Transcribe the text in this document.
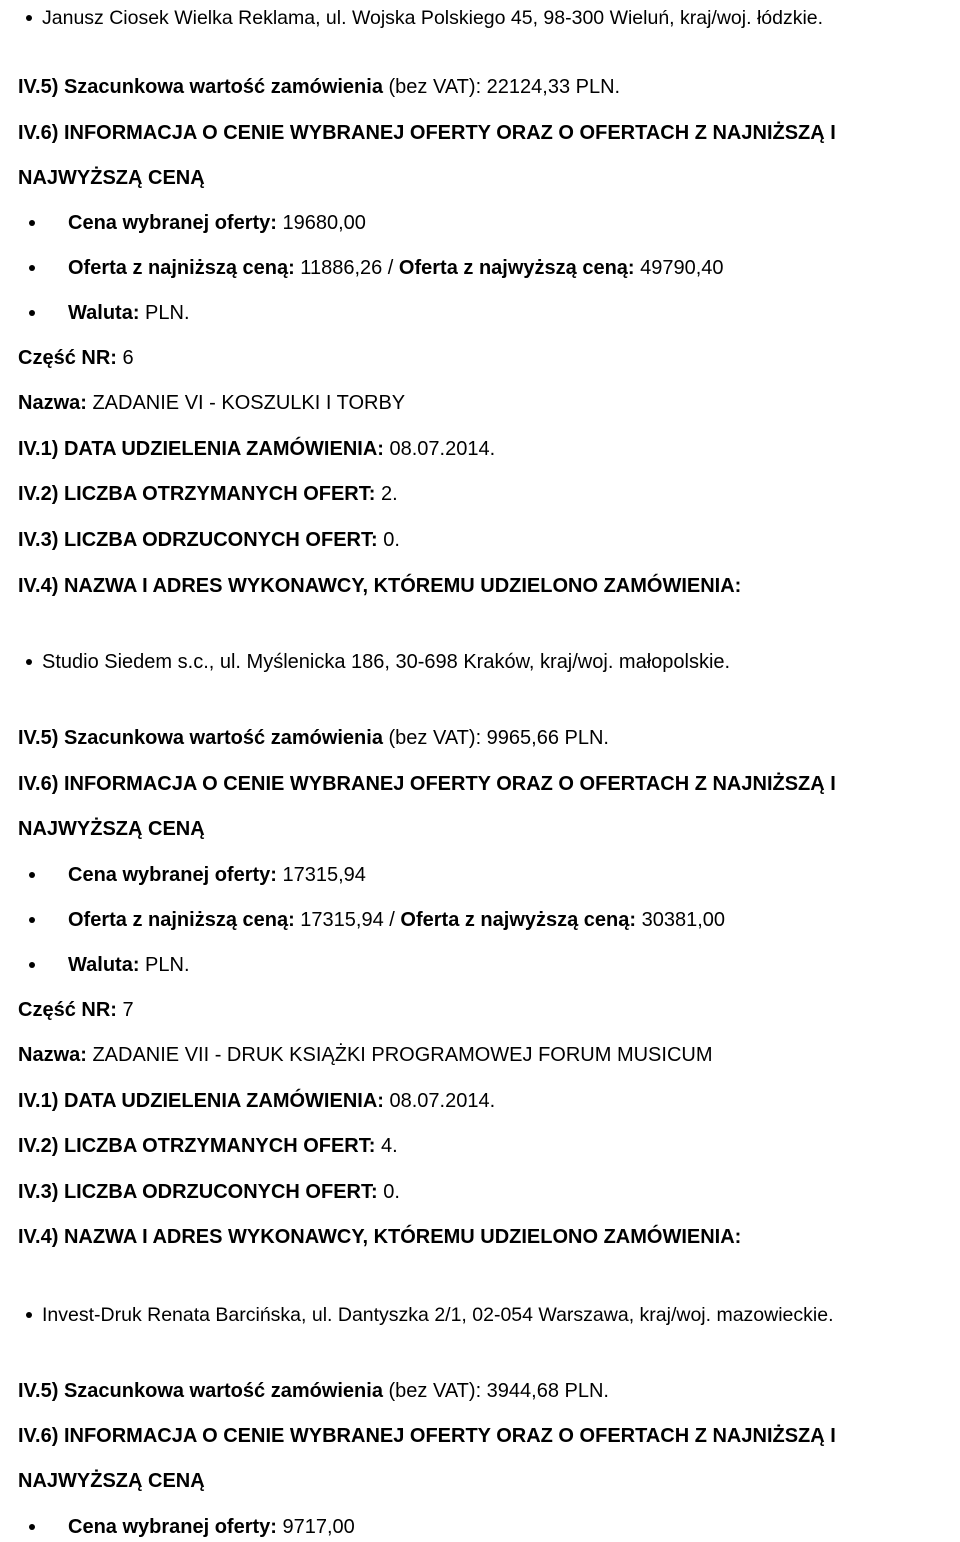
Janusz Ciosek Wielka Reklama, ul. Wojska Polskiego 45, 98-300 Wieluń, kraj/woj. łódzkie.
IV.5) Szacunkowa wartość zamówienia (bez VAT): 22124,33 PLN.
IV.6) INFORMACJA O CENIE WYBRANEJ OFERTY ORAZ O OFERTACH Z NAJNIŻSZĄ I
NAJWYŻSZĄ CENĄ
Cena wybranej oferty: 19680,00
Oferta z najniższą ceną: 11886,26 / Oferta z najwyższą ceną: 49790,40
Waluta: PLN.
Część NR: 6
Nazwa: ZADANIE VI - KOSZULKI I TORBY
IV.1) DATA UDZIELENIA ZAMÓWIENIA: 08.07.2014.
IV.2) LICZBA OTRZYMANYCH OFERT: 2.
IV.3) LICZBA ODRZUCONYCH OFERT: 0.
IV.4) NAZWA I ADRES WYKONAWCY, KTÓREMU UDZIELONO ZAMÓWIENIA:
Studio Siedem s.c., ul. Myślenicka 186, 30-698 Kraków, kraj/woj. małopolskie.
IV.5) Szacunkowa wartość zamówienia (bez VAT): 9965,66 PLN.
IV.6) INFORMACJA O CENIE WYBRANEJ OFERTY ORAZ O OFERTACH Z NAJNIŻSZĄ I
NAJWYŻSZĄ CENĄ
Cena wybranej oferty: 17315,94
Oferta z najniższą ceną: 17315,94 / Oferta z najwyższą ceną: 30381,00
Waluta: PLN.
Część NR: 7
Nazwa: ZADANIE VII - DRUK KSIĄŻKI PROGRAMOWEJ FORUM MUSICUM
IV.1) DATA UDZIELENIA ZAMÓWIENIA: 08.07.2014.
IV.2) LICZBA OTRZYMANYCH OFERT: 4.
IV.3) LICZBA ODRZUCONYCH OFERT: 0.
IV.4) NAZWA I ADRES WYKONAWCY, KTÓREMU UDZIELONO ZAMÓWIENIA:
Invest-Druk Renata Barcińska, ul. Dantyszka 2/1, 02-054 Warszawa, kraj/woj. mazowieckie.
IV.5) Szacunkowa wartość zamówienia (bez VAT): 3944,68 PLN.
IV.6) INFORMACJA O CENIE WYBRANEJ OFERTY ORAZ O OFERTACH Z NAJNIŻSZĄ I
NAJWYŻSZĄ CENĄ
Cena wybranej oferty: 9717,00
